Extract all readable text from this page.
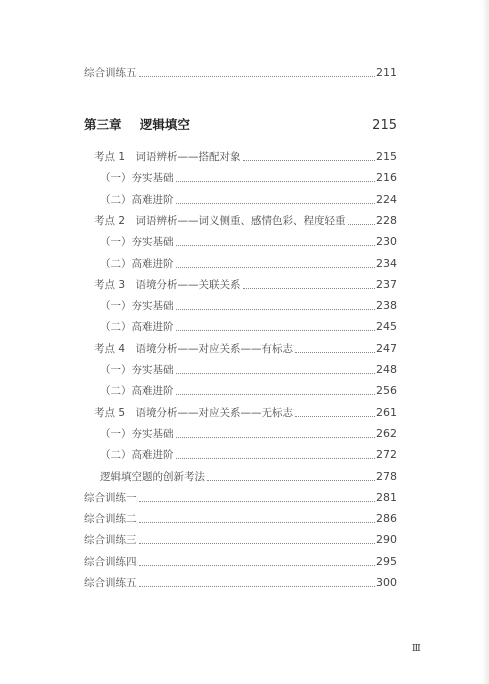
综合训练五	211
第三章 逻辑填空	215
考点 1　词语辨析——搭配对象	215
（一）夯实基础	216
（二）高难进阶	224
考点 2　词语辨析——词义侧重、感情色彩、程度轻重	228
（一）夯实基础	230
（二）高难进阶	234
考点 3　语境分析——关联关系	237
（一）夯实基础	238
（二）高难进阶	245
考点 4　语境分析——对应关系——有标志	247
（一）夯实基础	248
（二）高难进阶	256
考点 5　语境分析——对应关系——无标志	261
（一）夯实基础	262
（二）高难进阶	272
逻辑填空题的创新考法	278
综合训练一	281
综合训练二	286
综合训练三	290
综合训练四	295
综合训练五	300
Ⅲ
